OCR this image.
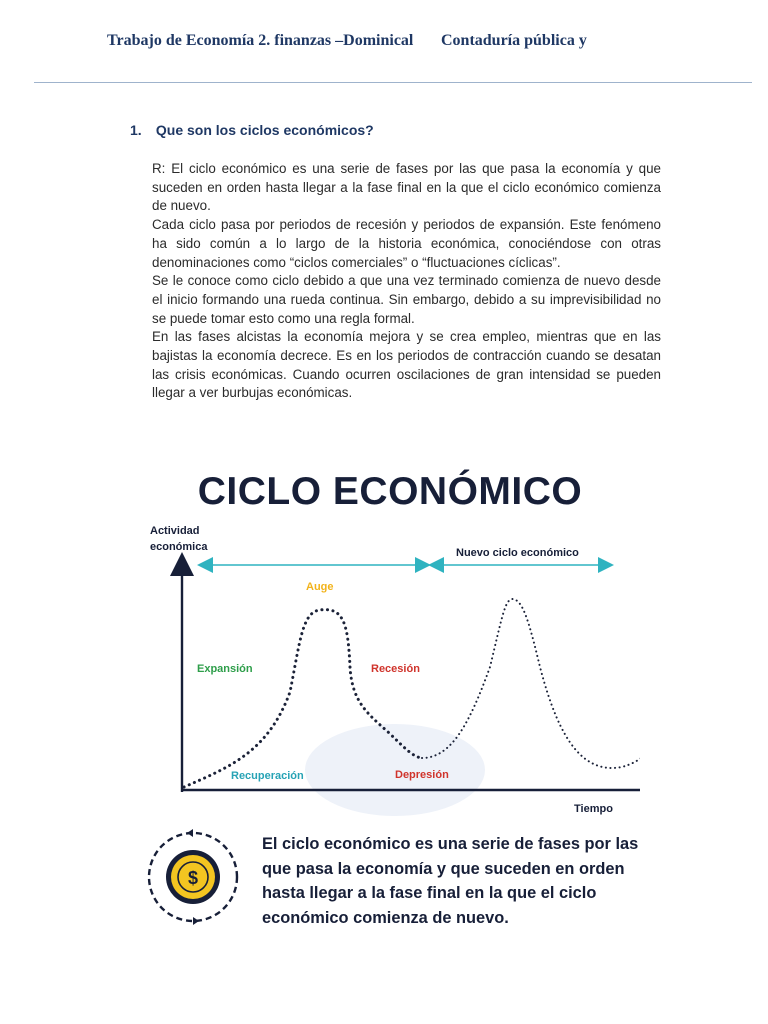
Trabajo de Economía 2. finanzas –Dominical	Contaduría pública y
1. Que son los ciclos económicos?

R: El ciclo económico es una serie de fases por las que pasa la economía y que suceden en orden hasta llegar a la fase final en la que el ciclo económico comienza de nuevo.

Cada ciclo pasa por periodos de recesión y periodos de expansión. Este fenómeno ha sido común a lo largo de la historia económica, conociéndose con otras denominaciones como “ciclos comerciales” o “fluctuaciones cíclicas”.

Se le conoce como ciclo debido a que una vez terminado comienza de nuevo desde el inicio formando una rueda continua. Sin embargo, debido a su imprevisibilidad no se puede tomar esto como una regla formal.

En las fases alcistas la economía mejora y se crea empleo, mientras que en las bajistas la economía decrece. Es en los periodos de contracción cuando se desatan las crisis económicas. Cuando ocurren oscilaciones de gran intensidad se pueden llegar a ver burbujas económicas.

Actividad
económica
Tiempo
Nuevo ciclo económico
Auge
Expansión	Recesión
Recuperación	Depresión
$
CICLO ECONÓMICO
El ciclo económico es una serie de fases por las que pasa la economía y que suceden en orden hasta llegar a la fase final en la que el ciclo económico comienza de nuevo.
